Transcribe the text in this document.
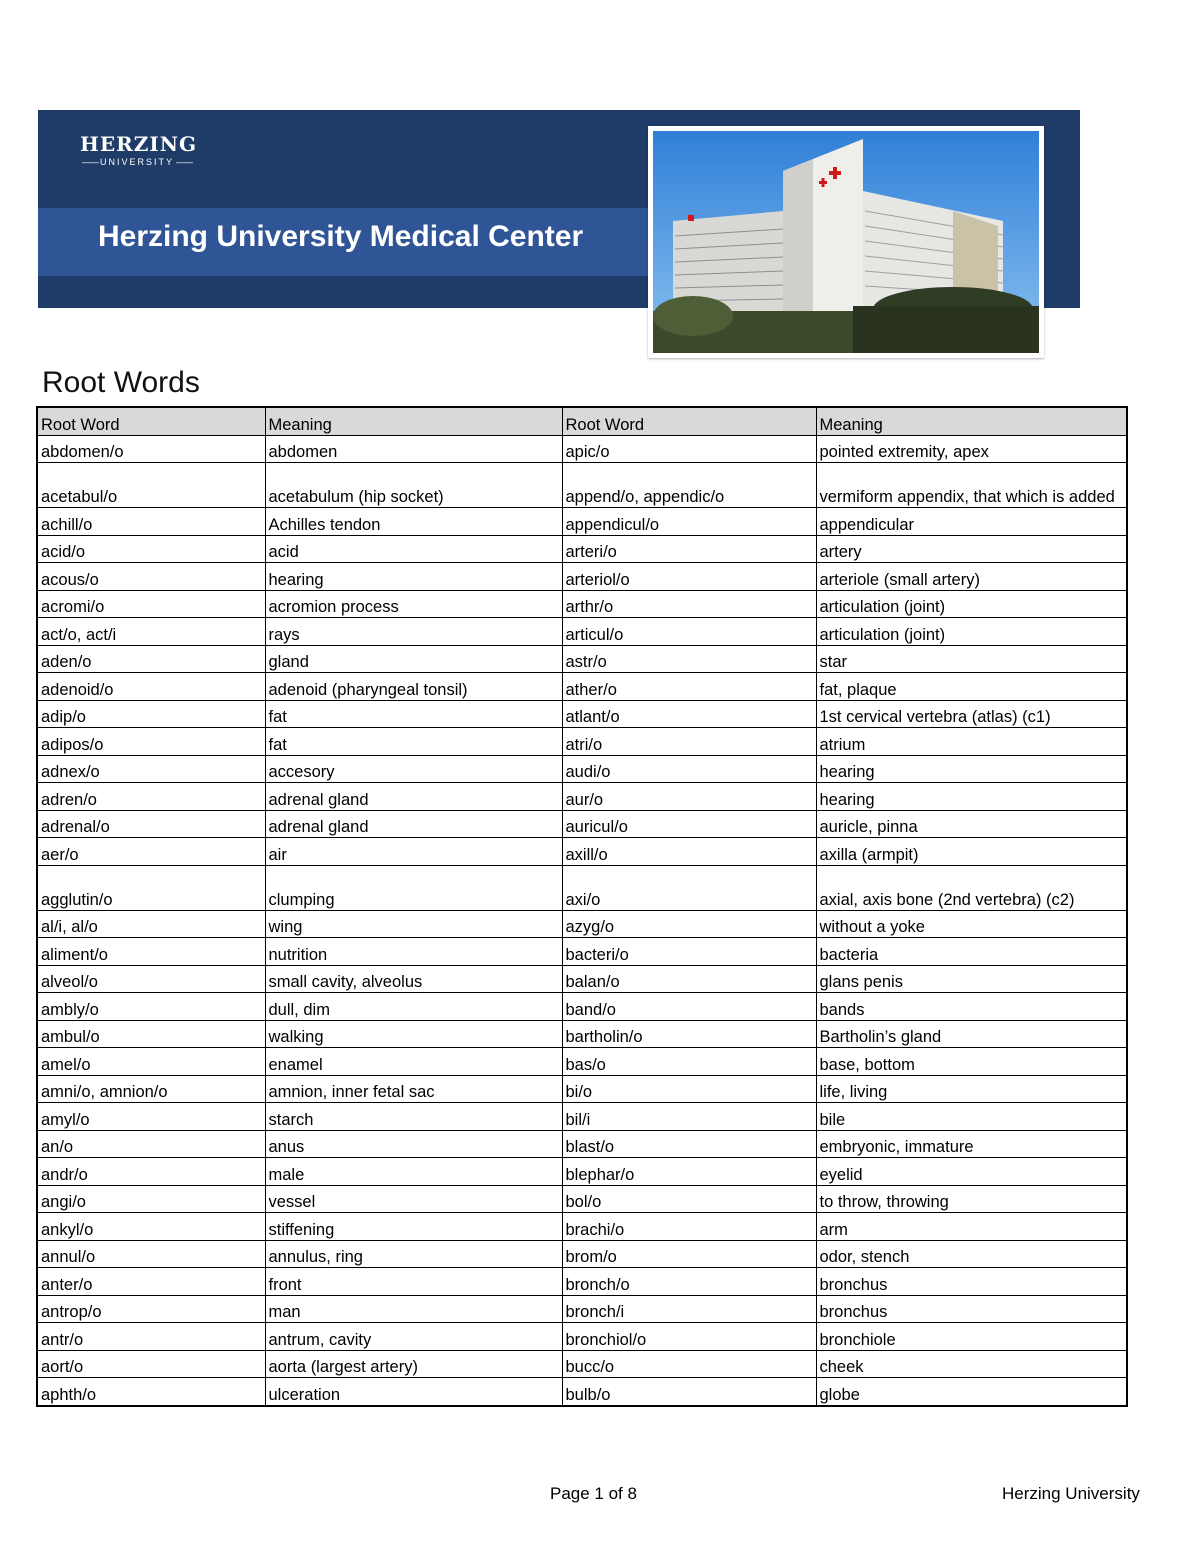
HERZING
—— UNIVERSITY ——
Herzing University Medical Center
Root Words
Root Word	Meaning	Root Word	Meaning
abdomen/o	abdomen	apic/o	pointed extremity, apex
acetabul/o	acetabulum (hip socket)	append/o, appendic/o	vermiform appendix, that which is added
achill/o	Achilles tendon	appendicul/o	appendicular
acid/o	acid	arteri/o	artery
acous/o	hearing	arteriol/o	arteriole (small artery)
acromi/o	acromion process	arthr/o	articulation (joint)
act/o, act/i	rays	articul/o	articulation (joint)
aden/o	gland	astr/o	star
adenoid/o	adenoid (pharyngeal tonsil)	ather/o	fat, plaque
adip/o	fat	atlant/o	1st cervical vertebra (atlas) (c1)
adipos/o	fat	atri/o	atrium
adnex/o	accesory	audi/o	hearing
adren/o	adrenal gland	aur/o	hearing
adrenal/o	adrenal gland	auricul/o	auricle, pinna
aer/o	air	axill/o	axilla (armpit)
agglutin/o	clumping	axi/o	axial, axis bone (2nd vertebra) (c2)
al/i, al/o	wing	azyg/o	without a yoke
aliment/o	nutrition	bacteri/o	bacteria
alveol/o	small cavity, alveolus	balan/o	glans penis
ambly/o	dull, dim	band/o	bands
ambul/o	walking	bartholin/o	Bartholin’s gland
amel/o	enamel	bas/o	base, bottom
amni/o, amnion/o	amnion, inner fetal sac	bi/o	life, living
amyl/o	starch	bil/i	bile
an/o	anus	blast/o	embryonic, immature
andr/o	male	blephar/o	eyelid
angi/o	vessel	bol/o	to throw, throwing
ankyl/o	stiffening	brachi/o	arm
annul/o	annulus, ring	brom/o	odor, stench
anter/o	front	bronch/o	bronchus
antrop/o	man	bronch/i	bronchus
antr/o	antrum, cavity	bronchiol/o	bronchiole
aort/o	aorta (largest artery)	bucc/o	cheek
aphth/o	ulceration	bulb/o	globe
Page 1 of 8	Herzing University
